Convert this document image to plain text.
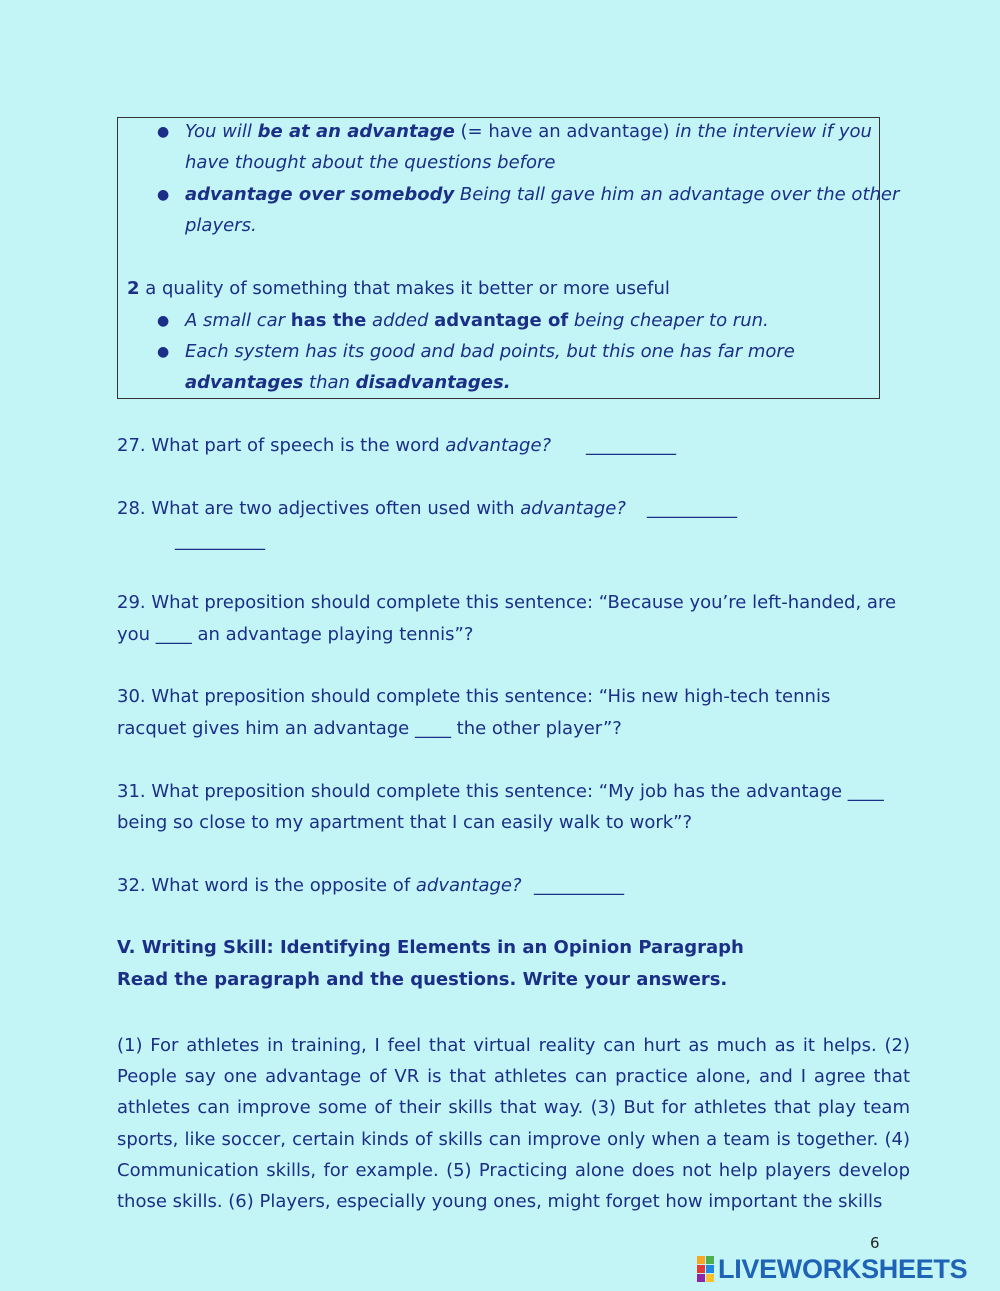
● You will be at an advantage (= have an advantage) in the interview if you
have thought about the questions before
● advantage over somebody Being tall gave him an advantage over the other
players.
2 a quality of something that makes it better or more useful
● A small car has the added advantage of being cheaper to run.
● Each system has its good and bad points, but this one has far more
advantages than disadvantages.
27. What part of speech is the word advantage? __________
28. What are two adjectives often used with advantage? __________
__________
29. What preposition should complete this sentence: “Because you’re left-handed, are
you ____ an advantage playing tennis”?
30. What preposition should complete this sentence: “His new high-tech tennis
racquet gives him an advantage ____ the other player”?
31. What preposition should complete this sentence: “My job has the advantage ____
being so close to my apartment that I can easily walk to work”?
32. What word is the opposite of advantage? __________
V. Writing Skill: Identifying Elements in an Opinion Paragraph
Read the paragraph and the questions. Write your answers.
(1) For athletes in training, I feel that virtual reality can hurt as much as it helps. (2) People say one advantage of VR is that athletes can practice alone, and I agree that athletes can improve some of their skills that way. (3) But for athletes that play team sports, like soccer, certain kinds of skills can improve only when a team is together. (4) Communication skills, for example. (5) Practicing alone does not help players develop those skills. (6) Players, especially young ones, might forget how important the skills
6
LIVEWORKSHEETS
